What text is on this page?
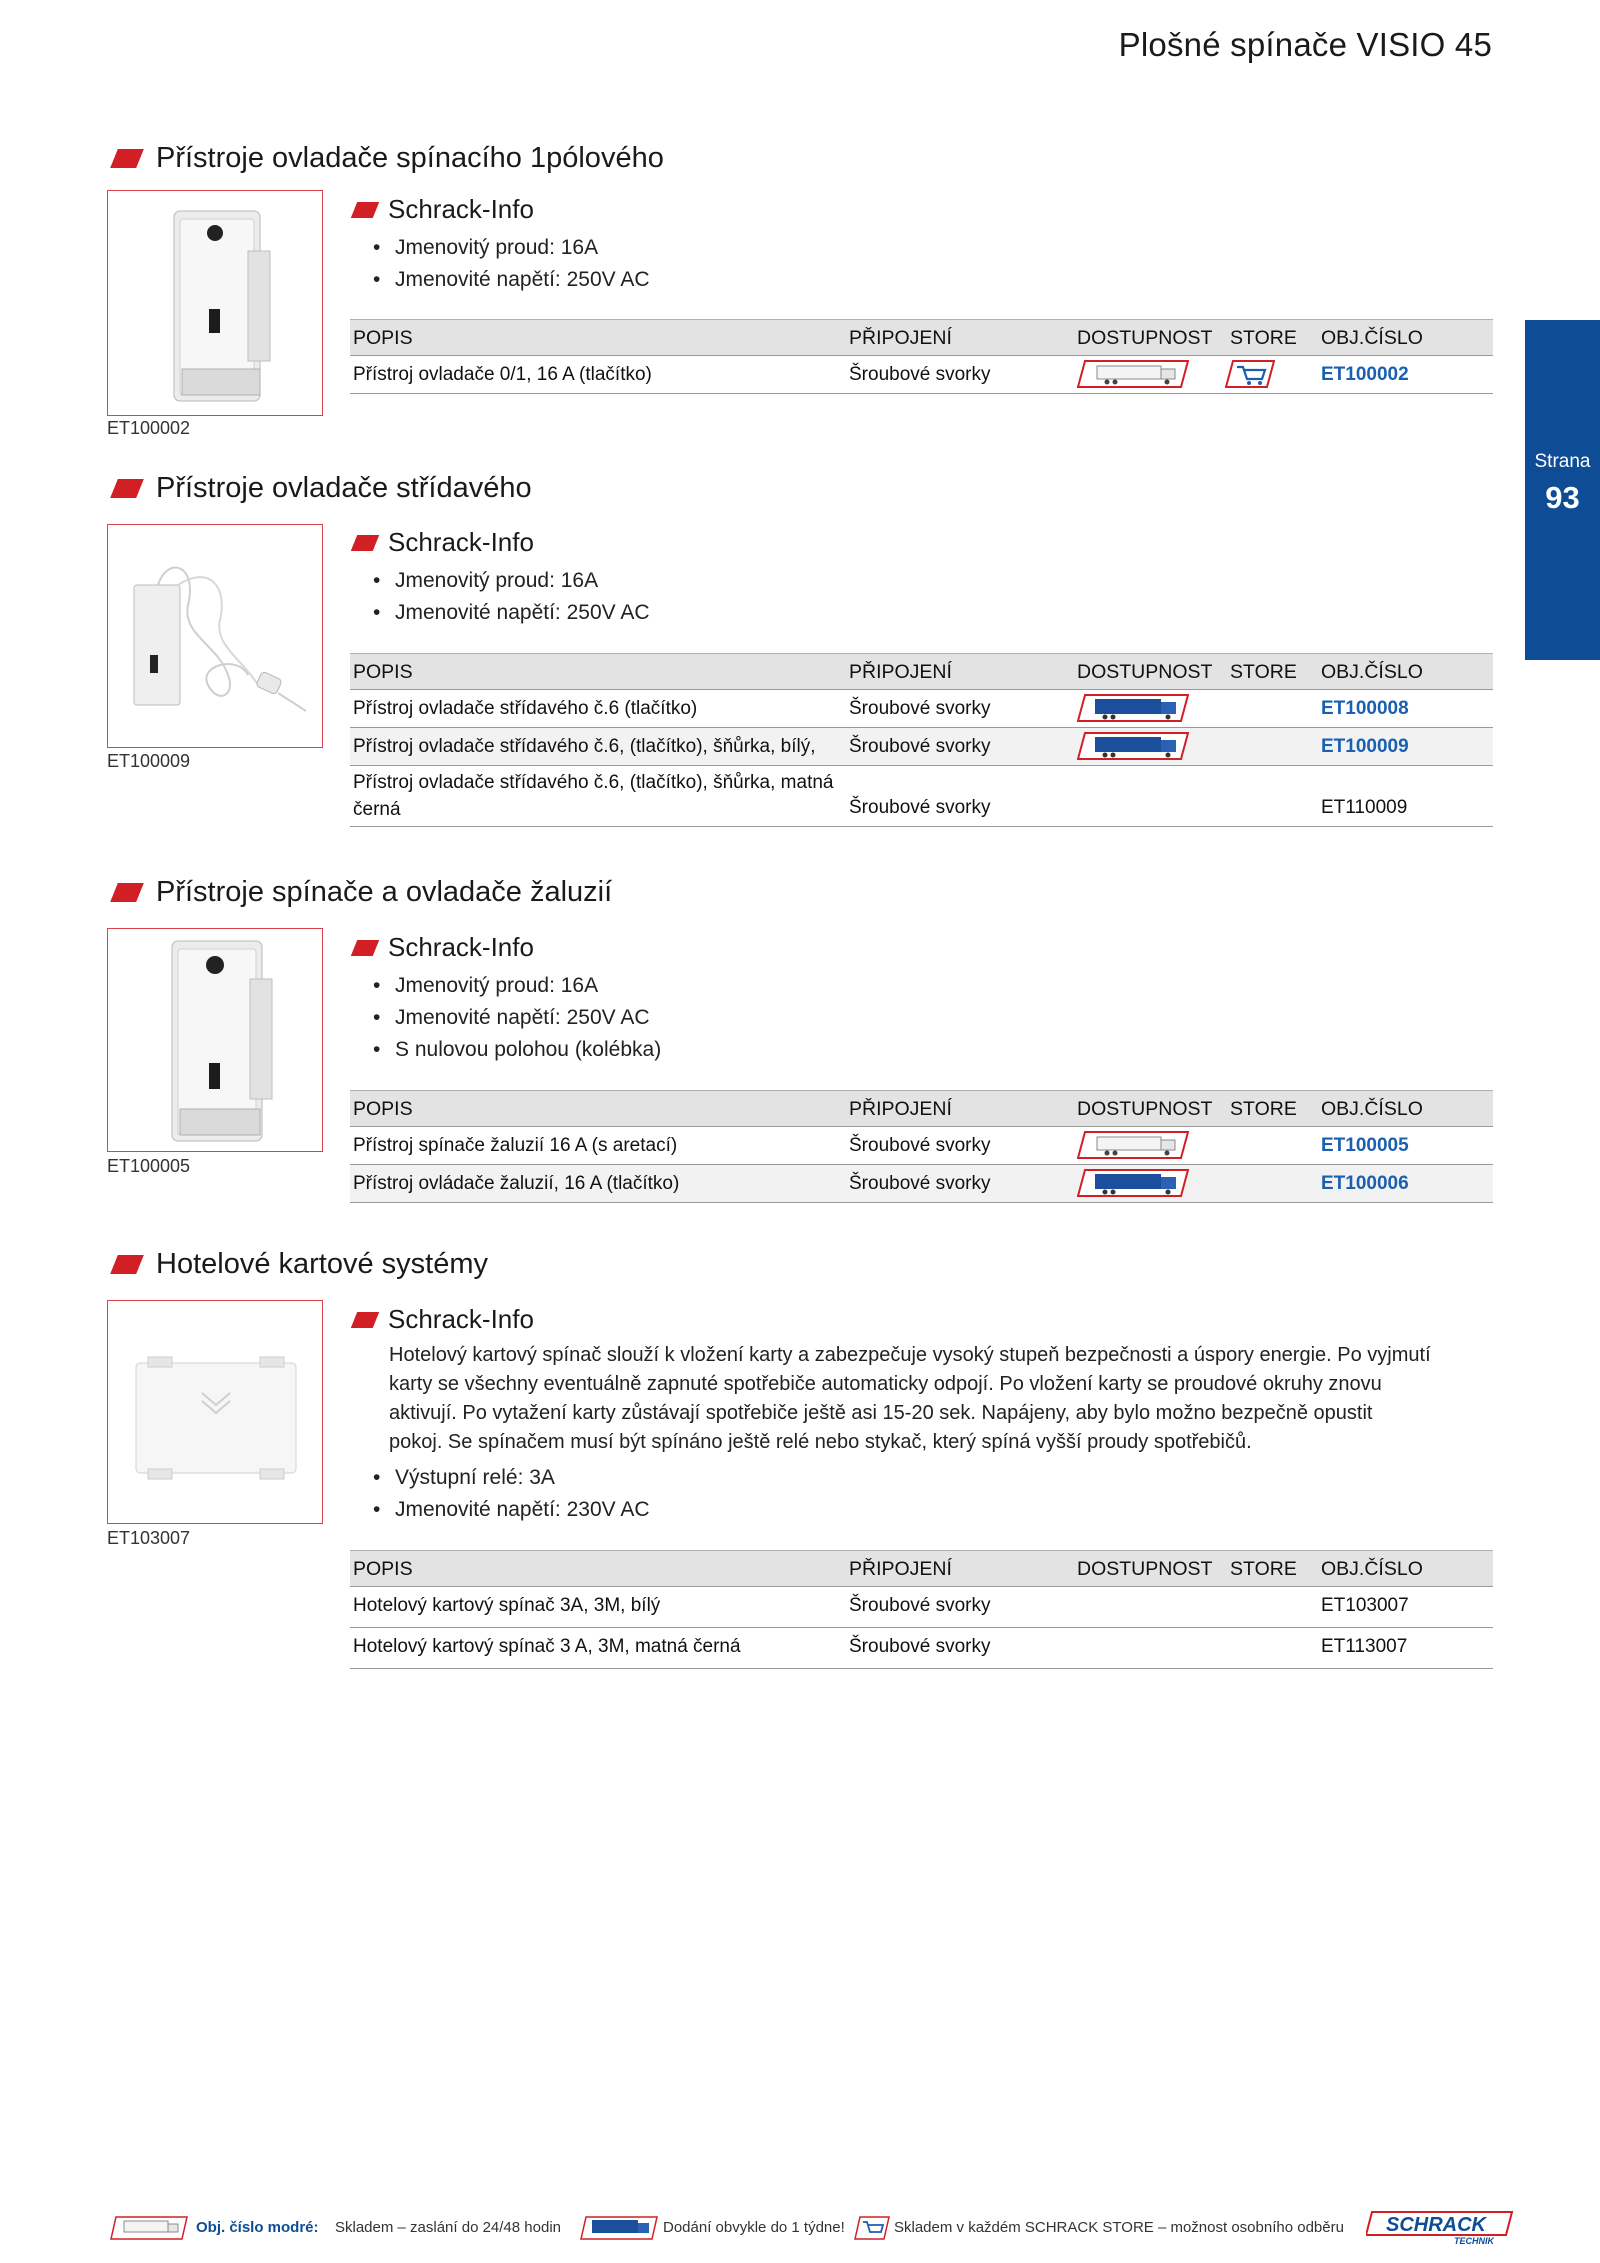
Plošné spínače VISIO 45
Strana
93
Přístroje ovladače spínacího 1pólového
ET100002
Schrack-Info
• Jmenovitý proud: 16A
• Jmenovité napětí: 250V AC
POPIS	PŘIPOJENÍ	DOSTUPNOST STORE OBJ.ČÍSLO
Přístroj ovladače 0/1, 16 A (tlačítko)	Šroubové svorky	ET100002
Přístroje ovladače střídavého
ET100009
Schrack-Info
• Jmenovitý proud: 16A
• Jmenovité napětí: 250V AC
POPIS	PŘIPOJENÍ	DOSTUPNOST STORE OBJ.ČÍSLO
Přístroj ovladače střídavého č.6 (tlačítko)	Šroubové svorky	ET100008
Přístroj ovladače střídavého č.6, (tlačítko), šňůrka, bílý, Šroubové svorky	ET100009
Přístroj ovladače střídavého č.6, (tlačítko), šňůrka, matná černá	Šroubové svorky	ET110009
Přístroje spínače a ovladače žaluzií
ET100005
Schrack-Info
• Jmenovitý proud: 16A
• Jmenovité napětí: 250V AC
• S nulovou polohou (kolébka)
POPIS	PŘIPOJENÍ	DOSTUPNOST STORE OBJ.ČÍSLO
Přístroj spínače žaluzií 16 A (s aretací)	Šroubové svorky	ET100005
Přístroj ovládače žaluzií, 16 A (tlačítko)	Šroubové svorky	ET100006
Hotelové kartové systémy
ET103007
Schrack-Info
Hotelový kartový spínač slouží k vložení karty a zabezpečuje vysoký stupeň bezpečnosti a úspory energie. Po vyjmutí
karty se všechny eventuálně zapnuté spotřebiče automaticky odpojí. Po vložení karty se proudové okruhy znovu
aktivují. Po vytažení karty zůstávají spotřebiče ještě asi 15-20 sek. Napájeny, aby bylo možno bezpečně opustit
pokoj. Se spínačem musí být spínáno ještě relé nebo stykač, který spíná vyšší proudy spotřebičů.
• Výstupní relé: 3A
• Jmenovité napětí: 230V AC
POPIS	PŘIPOJENÍ	DOSTUPNOST STORE OBJ.ČÍSLO
Hotelový kartový spínač 3A, 3M, bílý	Šroubové svorky	ET103007
Hotelový kartový spínač 3 A, 3M, matná černá	Šroubové svorky	ET113007
Obj. číslo modré: Skladem – zaslání do 24/48 hodin	Dodání obvykle do 1 týdne!	Skladem v každém SCHRACK STORE – možnost osobního odběru SCHRACK
TECHNIK
